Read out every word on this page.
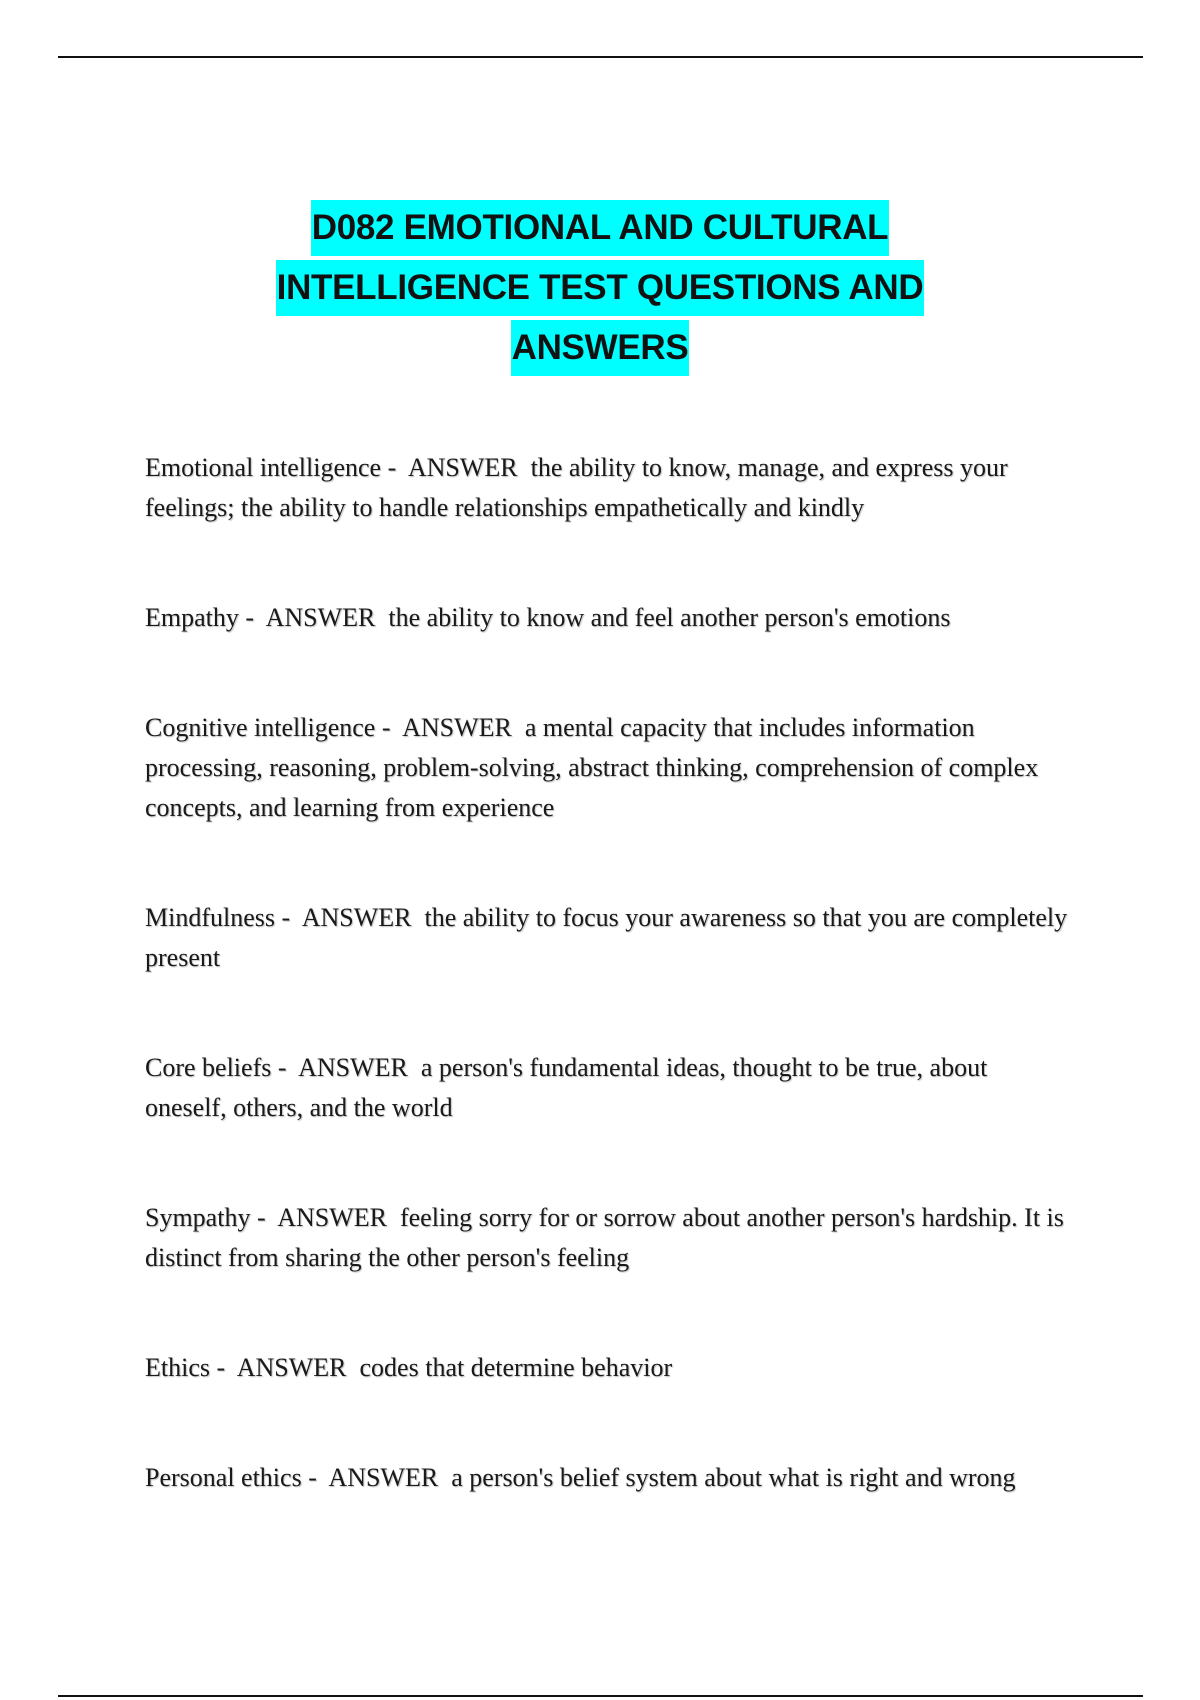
D082 EMOTIONAL AND CULTURAL
INTELLIGENCE TEST QUESTIONS AND
ANSWERS

Emotional intelligence -  ANSWER the ability to know, manage, and express your feelings; the ability to handle relationships empathetically and kindly

Empathy -  ANSWER the ability to know and feel another person's emotions

Cognitive intelligence -  ANSWER a mental capacity that includes information processing, reasoning, problem-solving, abstract thinking, comprehension of complex concepts, and learning from experience

Mindfulness -  ANSWER the ability to focus your awareness so that you are completely present

Core beliefs -  ANSWER a person's fundamental ideas, thought to be true, about oneself, others, and the world

Sympathy -  ANSWER feeling sorry for or sorrow about another person's hardship. It is distinct from sharing the other person's feeling

Ethics -  ANSWER codes that determine behavior

Personal ethics -  ANSWER a person's belief system about what is right and wrong
